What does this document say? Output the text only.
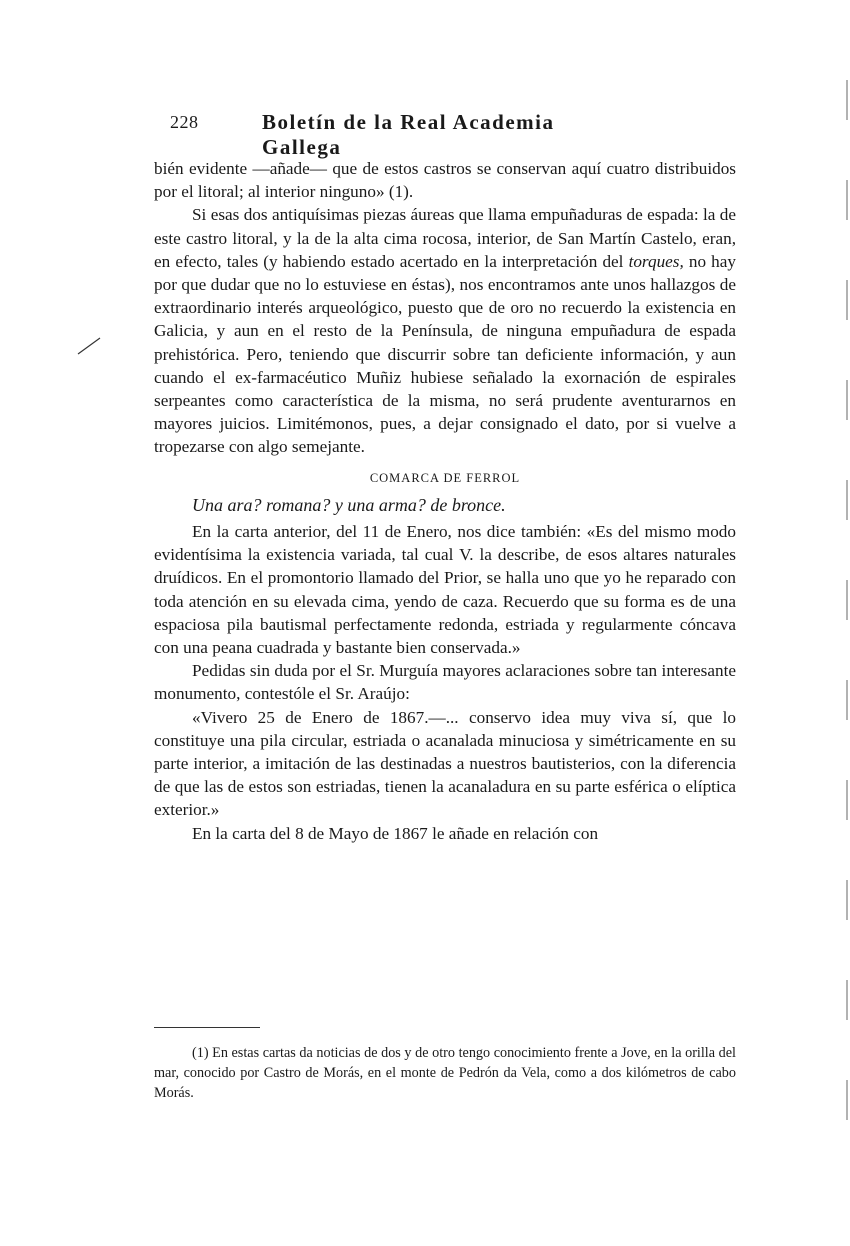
228	Boletín de la Real Academia Gallega

bién evidente —añade— que de estos castros se conservan aquí cuatro distribuidos por el litoral; al interior ninguno» (1).

Si esas dos antiquísimas piezas áureas que llama empuñaduras de espada: la de este castro litoral, y la de la alta cima rocosa, interior, de San Martín Castelo, eran, en efecto, tales (y habiendo estado acertado en la interpretación del torques, no hay por que dudar que no lo estuviese en éstas), nos encontramos ante unos hallazgos de extraordinario interés arqueológico, puesto que de oro no recuerdo la existencia en Galicia, y aun en el resto de la Península, de ninguna empuñadura de espada prehistórica. Pero, teniendo que discurrir sobre tan deficiente información, y aun cuando el ex-farmacéutico Muñiz hubiese señalado la exornación de espirales serpeantes como característica de la misma, no será prudente aventurarnos en mayores juicios. Limitémonos, pues, a dejar consignado el dato, por si vuelve a tropezarse con algo semejante.

COMARCA DE FERROL

Una ara? romana? y una arma? de bronce.

En la carta anterior, del 11 de Enero, nos dice también: «Es del mismo modo evidentísima la existencia variada, tal cual V. la describe, de esos altares naturales druídicos. En el promontorio llamado del Prior, se halla uno que yo he reparado con toda atención en su elevada cima, yendo de caza. Recuerdo que su forma es de una espaciosa pila bautismal perfectamente redonda, estriada y regularmente cóncava con una peana cuadrada y bastante bien conservada.»

Pedidas sin duda por el Sr. Murguía mayores aclaraciones sobre tan interesante monumento, contestóle el Sr. Araújo:

«Vivero 25 de Enero de 1867.—... conservo idea muy viva sí, que lo constituye una pila circular, estriada o acanalada minuciosa y simétricamente en su parte interior, a imitación de las destinadas a nuestros bautisterios, con la diferencia de que las de estos son estriadas, tienen la acanaladura en su parte esférica o elíptica exterior.»

En la carta del 8 de Mayo de 1867 le añade en relación con

(1) En estas cartas da noticias de dos y de otro tengo conocimiento frente a Jove, en la orilla del mar, conocido por Castro de Morás, en el monte de Pedrón da Vela, como a dos kilómetros de cabo Morás.
